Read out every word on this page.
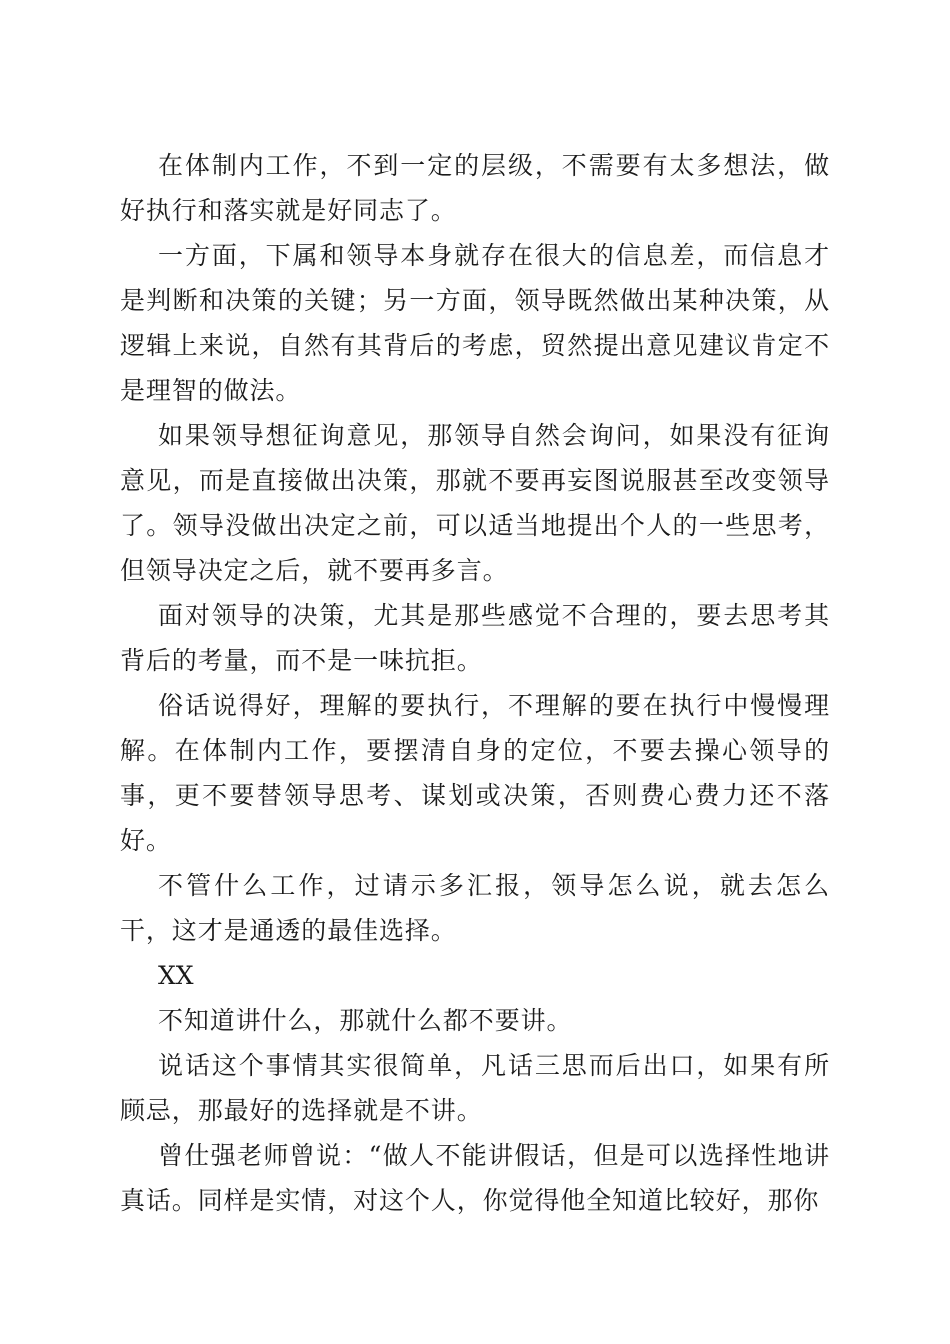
在体制内工作，不到一定的层级，不需要有太多想法，做好执行和落实就是好同志了。

一方面，下属和领导本身就存在很大的信息差，而信息才是判断和决策的关键；另一方面，领导既然做出某种决策，从逻辑上来说，自然有其背后的考虑，贸然提出意见建议肯定不是理智的做法。

如果领导想征询意见，那领导自然会询问，如果没有征询意见，而是直接做出决策，那就不要再妄图说服甚至改变领导了。领导没做出决定之前，可以适当地提出个人的一些思考，但领导决定之后，就不要再多言。

面对领导的决策，尤其是那些感觉不合理的，要去思考其背后的考量，而不是一味抗拒。

俗话说得好，理解的要执行，不理解的要在执行中慢慢理解。在体制内工作，要摆清自身的定位，不要去操心领导的事，更不要替领导思考、谋划或决策，否则费心费力还不落好。

不管什么工作，过请示多汇报，领导怎么说，就去怎么干，这才是通透的最佳选择。

XX

不知道讲什么，那就什么都不要讲。

说话这个事情其实很简单，凡话三思而后出口，如果有所顾忌，那最好的选择就是不讲。

曾仕强老师曾说：“做人不能讲假话，但是可以选择性地讲真话。同样是实情，对这个人，你觉得他全知道比较好，那你
